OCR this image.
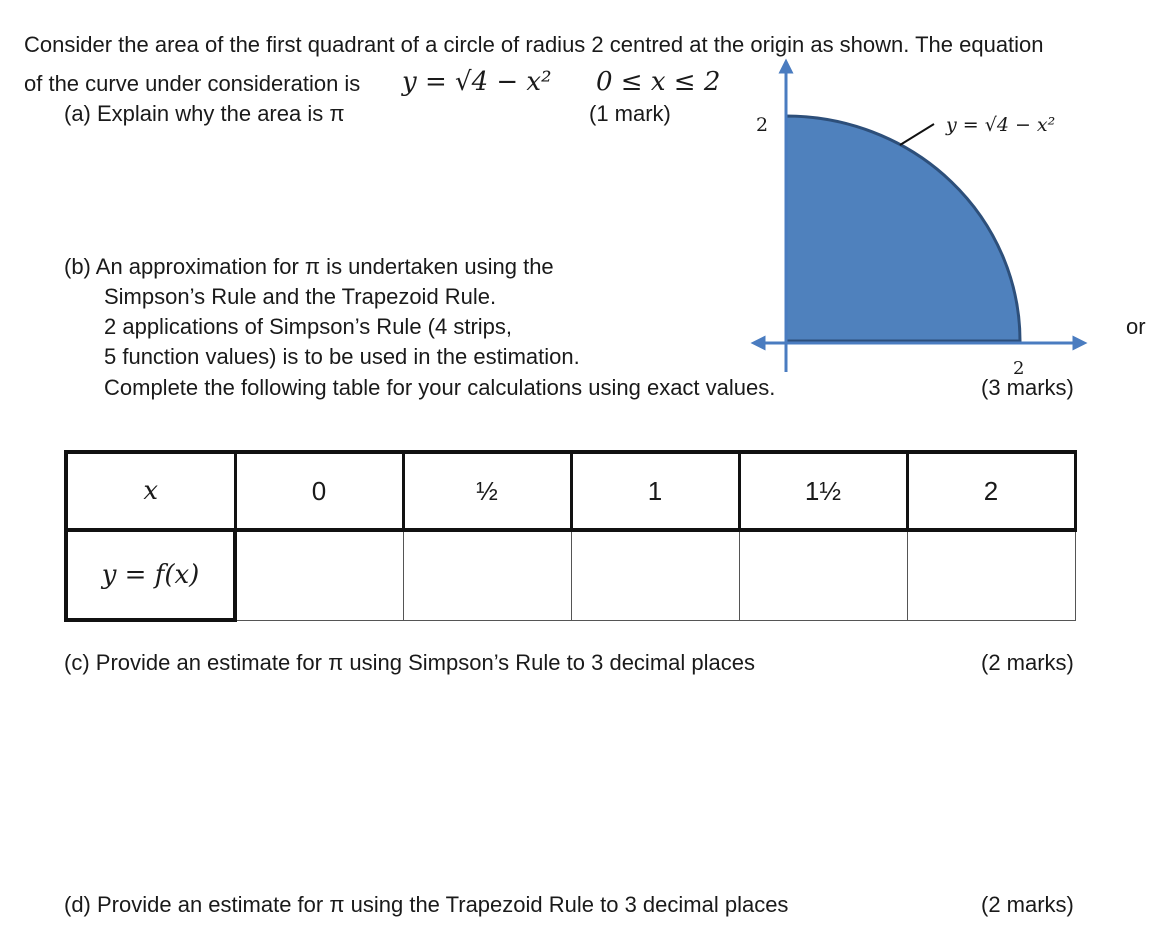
2	y = √4 − x²
2
Consider the area of the first quadrant of a circle of radius 2 centred at the origin as shown. The equation
of the curve under consideration is y = √4 − x² 0 ≤ x ≤ 2
(a) Explain why the area is π	(1 mark)
(b) An approximation for π is undertaken using the
Simpson’s Rule and the Trapezoid Rule.
2 applications of Simpson’s Rule (4 strips,
5 function values) is to be used in the estimation.
Complete the following table for your calculations using exact values.	(3 marks)
or
x	0	½	1	1½	2
y = f(x)					
(c) Provide an estimate for π using Simpson’s Rule to 3 decimal places	(2 marks)
(d) Provide an estimate for π using the Trapezoid Rule to 3 decimal places	(2 marks)
